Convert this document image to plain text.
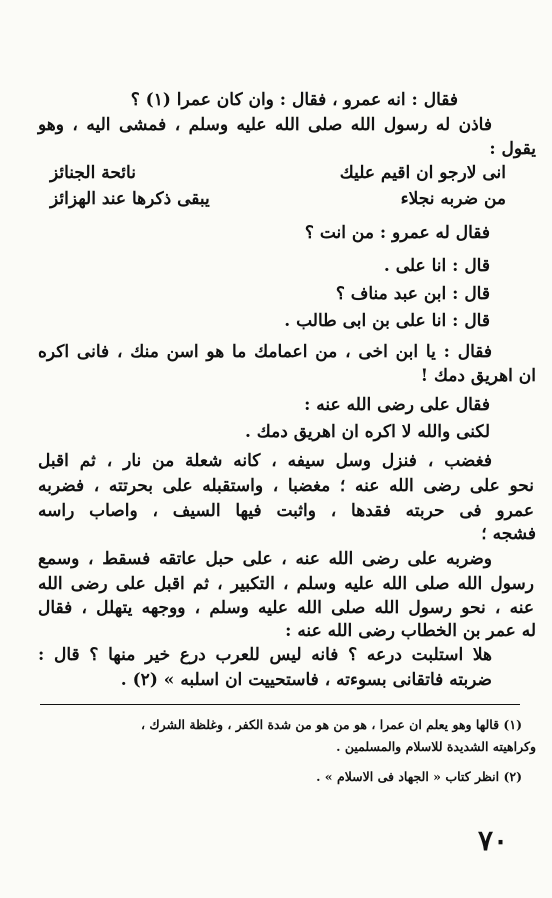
فقال : انه عمرو ، فقال : وان كان عمرا (١) ؟
فاذن له رسول الله صلى الله عليه وسلم ، فمشى اليه ، وهو
يقول :
انى لارجو ان اقيم عليك
نائحة الجنائز
من ضربه نجلاء
يبقى ذكرها عند الهزائز
فقال له عمرو : من انت ؟
قال : انا على .
قال : ابن عبد مناف ؟
قال : انا على بن ابى طالب .
فقال : يا ابن اخى ، من اعمامك ما هو اسن منك ، فانى اكره
ان اهريق دمك !
فقال على رضى الله عنه :
لكنى والله لا اكره ان اهريق دمك .
فغضب ، فنزل وسل سيفه ، كانه شعلة من نار ، ثم اقبل
نحو على رضى الله عنه ؛ مغضبا ، واستقبله على بحرتته ، فضربه
عمرو فى حربته فقدها ، واثبت فيها السيف ، واصاب راسه
فشجه ؛
وضربه على رضى الله عنه ، على حبل عاتقه فسقط ، وسمع
رسول الله صلى الله عليه وسلم ، التكبير ، ثم اقبل على رضى الله
عنه ، نحو رسول الله صلى الله عليه وسلم ، ووجهه يتهلل ، فقال
له عمر بن الخطاب رضى الله عنه :
هلا استلبت درعه ؟ فانه ليس للعرب درع خير منها ؟ قال :
ضربته فاتقانى بسوءته ، فاستحييت ان اسلبه » (٢) .
(١) قالها وهو يعلم ان عمرا ، هو من هو من شدة الكفر ، وغلظة الشرك ،
وكراهيته الشديدة للاسلام والمسلمين .
(٢) انظر كتاب « الجهاد فى الاسلام » .
٧٠
